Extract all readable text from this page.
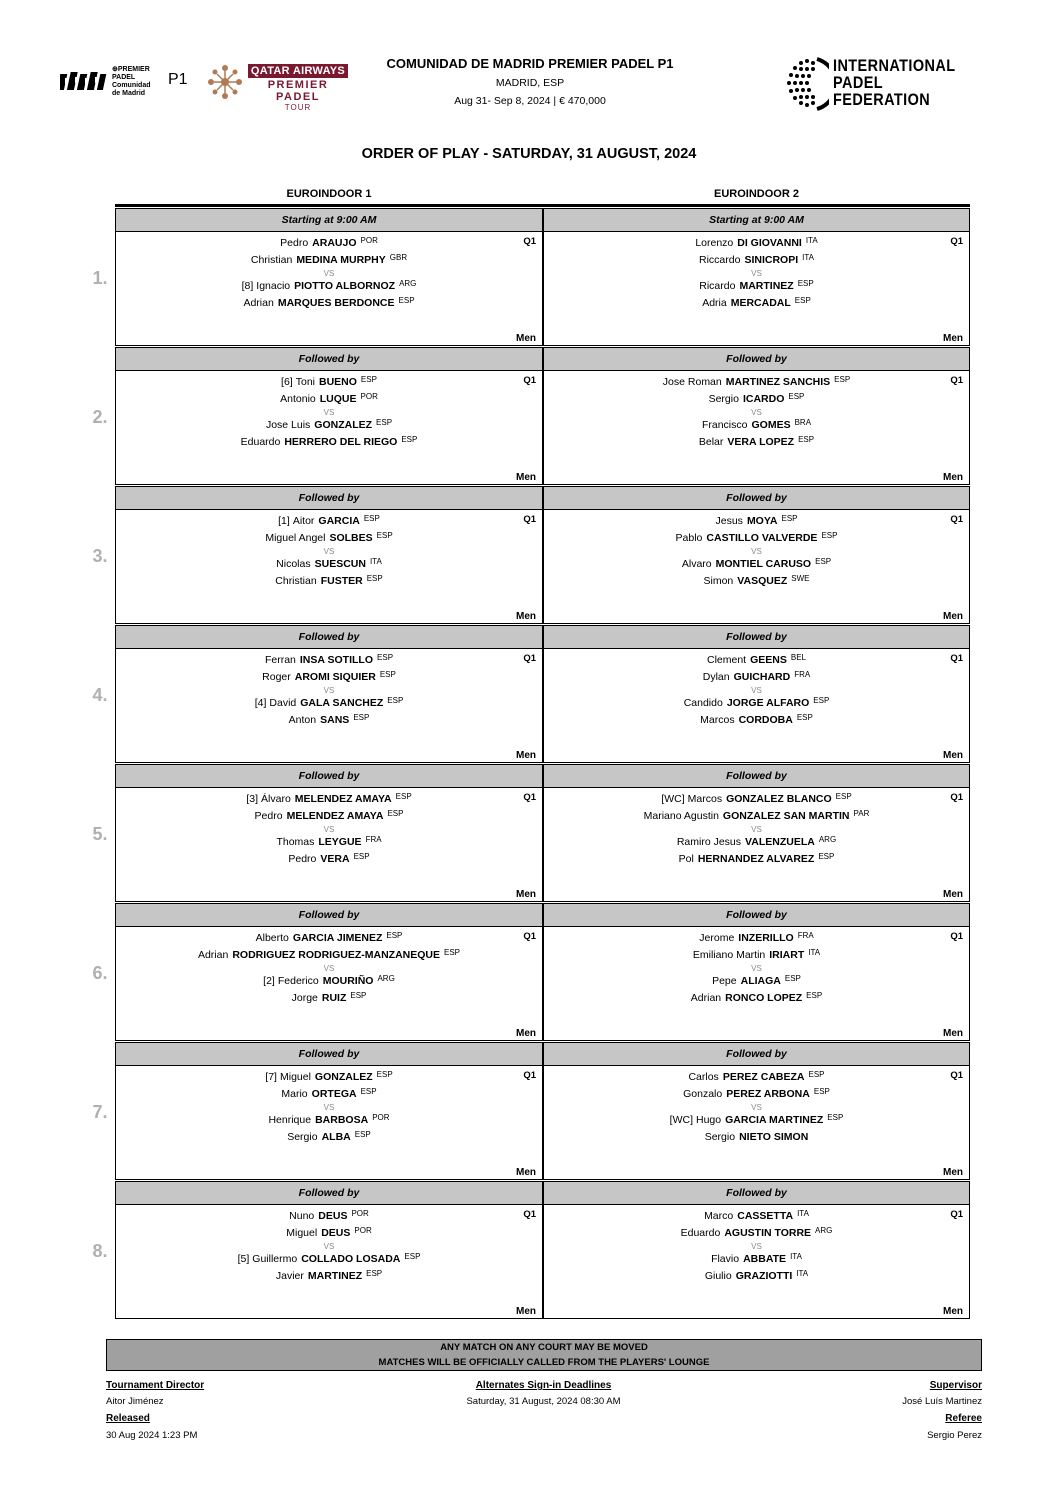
⊕PREMIER PADEL
Comunidad
de Madrid
P1	QATAR AIRWAYS
PREMIER PADEL
TOUR
COMUNIDAD DE MADRID PREMIER PADEL P1
MADRID, ESP
Aug 31- Sep 8, 2024 | € 470,000
INTERNATIONAL
PADEL
FEDERATION
ORDER OF PLAY - SATURDAY, 31 AUGUST, 2024
EUROINDOOR 1	EUROINDOOR 2
1.
Starting at 9:00 AM
Q1
Pedro ARAUJO $^{POR}$
Christian MEDINA MURPHY $^{GBR}$
[8] Ignacio PIOTTO ALBORNOZ $^{ARG}$
Adrian MARQUES BERDONCE $^{ESP}$
VS
Men
Starting at 9:00 AM
Q1
Lorenzo DI GIOVANNI $^{ITA}$
Riccardo SINICROPI $^{ITA}$
Ricardo MARTINEZ $^{ESP}$
Adria MERCADAL $^{ESP}$
VS
Men
2.
Followed by
Q1
[6] Toni BUENO $^{ESP}$
Antonio LUQUE $^{POR}$
Jose Luis GONZALEZ $^{ESP}$
Eduardo HERRERO DEL RIEGO $^{ESP}$
VS
Men
Followed by
Q1
Jose Roman MARTINEZ SANCHIS $^{ESP}$
Sergio ICARDO $^{ESP}$
Francisco GOMES $^{BRA}$
Belar VERA LOPEZ $^{ESP}$
VS
Men
3.
Followed by
Q1
[1] Aitor GARCIA $^{ESP}$
Miguel Angel SOLBES $^{ESP}$
Nicolas SUESCUN $^{ITA}$
Christian FUSTER $^{ESP}$
VS
Men
Followed by
Q1
Jesus MOYA $^{ESP}$
Pablo CASTILLO VALVERDE $^{ESP}$
Alvaro MONTIEL CARUSO $^{ESP}$
Simon VASQUEZ $^{SWE}$
VS
Men
4.
Followed by
Q1
Ferran INSA SOTILLO $^{ESP}$
Roger AROMI SIQUIER $^{ESP}$
[4] David GALA SANCHEZ $^{ESP}$
Anton SANS $^{ESP}$
VS
Men
Followed by
Q1
Clement GEENS $^{BEL}$
Dylan GUICHARD $^{FRA}$
Candido JORGE ALFARO $^{ESP}$
Marcos CORDOBA $^{ESP}$
VS
Men
5.
Followed by
Q1
[3] Álvaro MELENDEZ AMAYA $^{ESP}$
Pedro MELENDEZ AMAYA $^{ESP}$
Thomas LEYGUE $^{FRA}$
Pedro VERA $^{ESP}$
VS
Men
Followed by
Q1
[WC] Marcos GONZALEZ BLANCO $^{ESP}$
Mariano Agustin GONZALEZ SAN MARTIN $^{PAR}$
Ramiro Jesus VALENZUELA $^{ARG}$
Pol HERNANDEZ ALVAREZ $^{ESP}$
VS
Men
6.
Followed by
Q1
Alberto GARCIA JIMENEZ $^{ESP}$
Adrian RODRIGUEZ RODRIGUEZ-MANZANEQUE $^{ESP}$
[2] Federico MOURIÑO $^{ARG}$
Jorge RUIZ $^{ESP}$
VS
Men
Followed by
Q1
Jerome INZERILLO $^{FRA}$
Emiliano Martin IRIART $^{ITA}$
Pepe ALIAGA $^{ESP}$
Adrian RONCO LOPEZ $^{ESP}$
VS
Men
7.
Followed by
Q1
[7] Miguel GONZALEZ $^{ESP}$
Mario ORTEGA $^{ESP}$
Henrique BARBOSA $^{POR}$
Sergio ALBA $^{ESP}$
VS
Men
Followed by
Q1
Carlos PEREZ CABEZA $^{ESP}$
Gonzalo PEREZ ARBONA $^{ESP}$
[WC] Hugo GARCIA MARTINEZ $^{ESP}$
Sergio NIETO SIMON
VS
Men
8.
Followed by
Q1
Nuno DEUS $^{POR}$
Miguel DEUS $^{POR}$
[5] Guillermo COLLADO LOSADA $^{ESP}$
Javier MARTINEZ $^{ESP}$
VS
Men
Followed by
Q1
Marco CASSETTA $^{ITA}$
Eduardo AGUSTIN TORRE $^{ARG}$
Flavio ABBATE $^{ITA}$
Giulio GRAZIOTTI $^{ITA}$
VS
Men
ANY MATCH ON ANY COURT MAY BE MOVED
MATCHES WILL BE OFFICIALLY CALLED FROM THE PLAYERS' LOUNGE
Tournament Director
Aitor Jiménez
Released
30 Aug 2024 1:23 PM
Alternates Sign-in Deadlines
Saturday, 31 August, 2024 08:30 AM
Supervisor
José Luís Martinez
Referee
Sergio Perez
